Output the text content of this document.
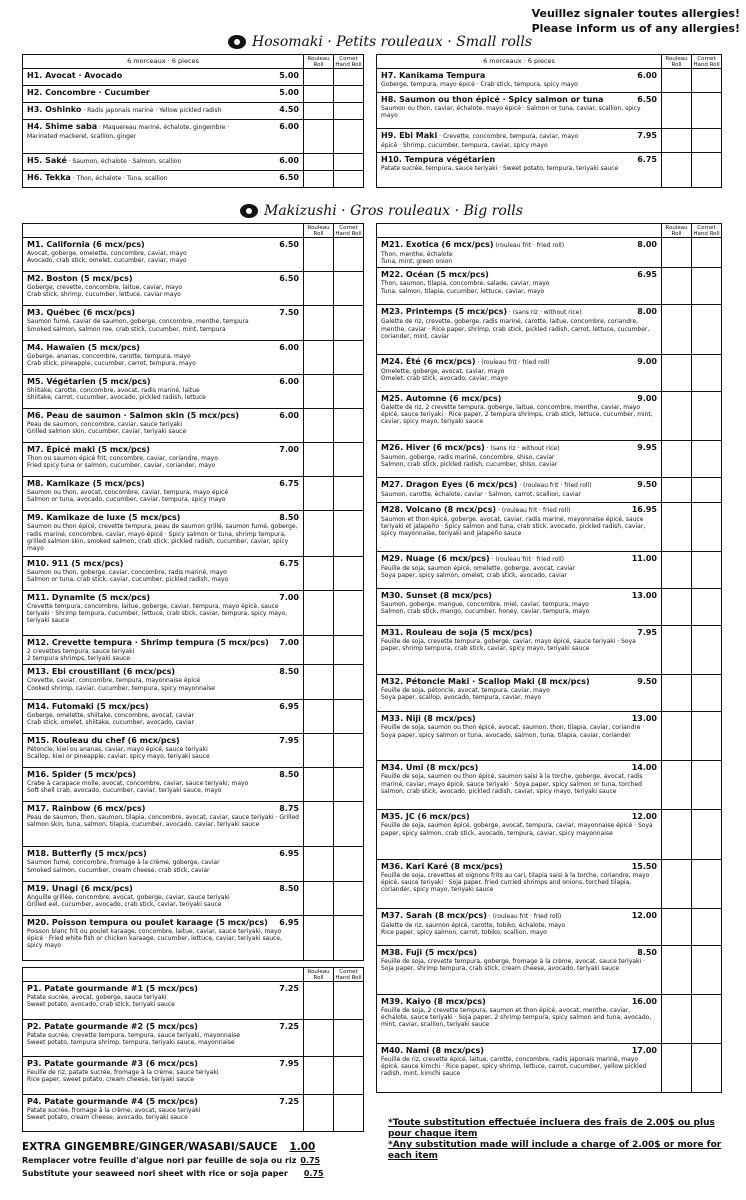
Veuillez signaler toutes allergies!
Please inform us of any allergies!
Hosomaki · Petits rouleaux · Small rolls
6 morceaux · 6 pieces	Rouleau Roll
Cornet Hand Roll
H1. Avocat · Avocado	5.00
H2. Concombre · Cucumber	5.00
H3. Oshinko · Radis japonais mariné · Yellow pickled radish	4.50
H4. Shime saba · Maquereau mariné, échalote, gingembre ·	6.00
Marinated mackerel, scallion, ginger
H5. Saké · Saumon, échalote · Salmon, scallion	6.00
H6. Tekka · Thon, échalote · Tuna, scallion	6.50
6 morceaux · 6 pieces	Rouleau Roll
Cornet Hand Roll
H7. Kanikama Tempura	6.00
Goberge, tempura, mayo épicé · Crab stick, tempura, spicy mayo
H8. Saumon ou thon épicé · Spicy salmon or tuna	6.50
Saumon ou thon, caviar, échalote, mayo épicé · Salmon or tuna, caviar, scallion, spicy mayo
H9. Ebi Maki · Crevette, concombre, tempura, caviar, mayo	7.95
épicé · Shrimp, cucumber, tempura, caviar, spicy mayo
H10. Tempura végétarien	6.75
Patate sucrée, tempura, sauce teriyaki · Sweet potato, tempura, teriyaki sauce
Makizushi · Gros rouleaux · Big rolls
Rouleau Roll
Cornet Hand Roll
M1. California (6 mcx/pcs)	6.50
Avocat, goberge, omelette, concombre, caviar, mayo
Avocado, crab stick, omelet, cucumber, caviar, mayo
M2. Boston (5 mcx/pcs)	6.50
Goberge, crevette, concombre, laitue, caviar, mayo
Crab stick, shrimp, cucumber, lettuce, caviar mayo
M3. Québec (6 mcx/pcs)	7.50
Saumon fumé, caviar de saumon, goberge, concombre, menthe, tempura
Smoked salmon, salmon roe, crab stick, cucumber, mint, tempura
M4. Hawaïen (5 mcx/pcs)	6.00
Goberge, ananas, concombre, carotte, tempura, mayo
Crab stick, pineapple, cucumber, carrot, tempura, mayo
M5. Végétarien (5 mcx/pcs)	6.00
Shiitake, carotte, concombre, avocat, radis mariné, laitue
Shiitake, carrot, cucumber, avocado, pickled radish, lettuce
M6. Peau de saumon · Salmon skin (5 mcx/pcs)	6.00
Peau de saumon, concombre, caviar, sauce teriyaki
Grilled salmon skin, cucumber, caviar, teriyaki sauce
M7. Épicé maki (5 mcx/pcs)	7.00
Thon ou saumon épicé frit, concombre, caviar, coriandre, mayo
Fried spicy tuna or salmon, cucumber, caviar, coriander, mayo
M8. Kamikaze (5 mcx/pcs)	6.75
Saumon ou thon, avocat, concombre, caviar, tempura, mayo épicé
Salmon or tuna, avocado, cucumber, caviar, tempura, spicy mayo
M9. Kamikaze de luxe (5 mcx/pcs)	8.50
Saumon ou thon épicé, crevette tempura, peau de saumon grillé, saumon fumé, goberge, radis mariné, concombre, caviar, mayo épicé · Spicy salmon or tuna, shrimp tempura, grilled salmon skin, smoked salmon, crab stick, pickled radish, cucumber, caviar, spicy mayo
M10. 911 (5 mcx/pcs)	6.75
Saumon ou thon, goberge, caviar, concombre, radis mariné, mayo
Salmon or tuna, crab stick, caviar, cucumber, pickled radish, mayo
M11. Dynamite (5 mcx/pcs)	7.00
Crevette tempura, concombre, laitue, goberge, caviar, tempura, mayo épicé, sauce teriyaki · Shrimp tempura, cucumber, lettuce, crab stick, caviar, tempura, spicy mayo, teriyaki sauce
M12. Crevette tempura · Shrimp tempura (5 mcx/pcs) 7.00
2 crevettes tempura, sauce teriyaki
2 tempura shrimps, teriyaki sauce
M13. Ebi croustillant (6 mcx/pcs)	8.50
Crevette, caviar, concombre, tempura, mayonnaise épicé
Cooked shrimp, caviar, cucumber, tempura, spicy mayonnaise
M14. Futomaki (5 mcx/pcs)	6.95
Goberge, omelette, shiitake, concombre, avocat, caviar
Crab stick, omelet, shiitake, cucumber, avocado, caviar
M15. Rouleau du chef (6 mcx/pcs)	7.95
Pétoncle, kiwi ou ananas, caviar, mayo épicé, sauce teriyaki
Scallop, kiwi or pineapple, caviar, spicy mayo, teriyaki sauce
M16. Spider (5 mcx/pcs)	8.50
Crabe à carapace molle, avocat, concombre, caviar, sauce teriyaki, mayo
Soft shell crab, avocado, cucumber, caviar, teriyaki sauce, mayo
M17. Rainbow (6 mcx/pcs)	8.75
Peau de saumon, thon, saumon, tilapia, concombre, avocat, caviar, sauce teriyaki · Grilled salmon skin, tuna, salmon, tilapia, cucumber, avocado, caviar, teriyaki sauce
M18. Butterfly (5 mcx/pcs)	6.95
Saumon fumé, concombre, fromage à la crème, goberge, caviar
Smoked salmon, cucumber, cream cheese, crab stick, caviar
M19. Unagi (6 mcx/pcs)	8.50
Anguille grillée, concombre, avocat, goberge, caviar, sauce teriyaki
Grilled eel, cucumber, avocado, crab stick, caviar, teriyaki sauce
M20. Poisson tempura ou poulet karaage (5 mcx/pcs) 6.95
Poisson blanc frit ou poulet karaage, concombre, laitue, caviar, sauce teriyaki, mayo épicé · Fried white fish or chicken karaage, cucumber, lettuce, caviar, teriyaki sauce, spicy mayo
Rouleau Roll
Cornet Hand Roll
M21. Exotica (6 mcx/pcs) (rouleau frit · fried roll)	8.00
Thon, menthe, échalote
Tuna, mint, green onion
M22. Océan (5 mcx/pcs)	6.95
Thon, saumon, tilapia, concombre, salade, caviar, mayo
Tuna, salmon, tilapia, cucumber, lettuce, caviar, mayo
M23. Printemps (5 mcx/pcs) · (sans riz · without rice)	8.00
Galette de riz, crevette, goberge, radis mariné, carotte, laitue, concombre, coriandre, menthe, caviar · Rice paper, shrimp, crab stick, pickled radish, carrot, lettuce, cucumber, coriander, mint, caviar
M24. Été (6 mcx/pcs) · (rouleau frit · fried roll)	9.00
Omelette, goberge, avocat, caviar, mayo
Omelet, crab stick, avocado, caviar, mayo
M25. Automne (6 mcx/pcs)	9.00
Galette de riz, 2 crevette tempura, goberge, laitue, concombre, menthe, caviar, mayo épicé, sauce teriyaki · Rice paper, 2 tempura shrimps, crab stick, lettuce, cucumber, mint, caviar, spicy mayo, teriyaki sauce
M26. Hiver (6 mcx/pcs) · (sans riz · without rice)	9.95
Saumon, goberge, radis mariné, concombre, shiso, caviar
Salmon, crab stick, pickled radish, cucumber, shiso, caviar
M27. Dragon Eyes (6 mcx/pcs) · (rouleau frit · fried roll)	9.50
Saumon, carotte, échalote, caviar · Salmon, carrot, scallion, caviar
M28. Volcano (8 mcx/pcs) · (rouleau frit · fried roll)	16.95
Saumon et thon épicé, goberge, avocat, caviar, radis mariné, mayonnaise épicé, sauce teriyaki et jalapeño · Spicy salmon and tuna, crab stick, avocado, pickled radish, caviar, spicy mayonnaise, teriyaki and jalapeño sauce
M29. Nuage (6 mcx/pcs) · (rouleau frit · fried roll)	11.00
Feuille de soja, saumon épicé, omelette, goberge, avocat, caviar
Soya paper, spicy salmon, omelet, crab stick, avocado, caviar
M30. Sunset (8 mcx/pcs)	13.00
Saumon, goberge, mangue, concombre, miel, caviar, tempura, mayo
Salmon, crab stick, mango, cucumber, honey, caviar, tempura, mayo
M31. Rouleau de soja (5 mcx/pcs)	7.95
Feuille de soja, crevette tempura, goberge, caviar, mayo épicé, sauce teriyaki · Soya paper, shrimp tempura, crab stick, caviar, spicy mayo, teriyaki sauce
M32. Pétoncle Maki · Scallop Maki (8 mcx/pcs)	9.50
Feuille de soja, pétoncle, avocat, tempura, caviar, mayo
Soya paper, scallop, avocado, tempura, caviar, mayo
M33. Niji (8 mcx/pcs)	13.00
Feuille de soja, saumon ou thon épicé, avocat, saumon, thon, tilapia, caviar, coriandre · Soya paper, spicy salmon or tuna, avocado, salmon, tuna, tilapia, caviar, coriander
M34. Umi (8 mcx/pcs)	14.00
Feuille de soja, saumon ou thon épicé, saumon saisi à la torche, goberge, avocat, radis mariné, caviar, mayo épicé, sauce teriyaki · Soya paper, spicy salmon or tuna, torched salmon, crab stick, avocado, pickled radish, caviar, spicy mayo, teriyaki sauce
M35. JC (6 mcx/pcs)	12.00
Feuille de soja, saumon épicé, goberge, avocat, tempura, caviar, mayonnaise épicé · Soya paper, spicy salmon, crab stick, avocado, tempura, caviar, spicy mayonnaise
M36. Kari Karé (8 mcx/pcs)	15.50
Feuille de soja, crevettes et oignons frits au cari, tilapia saisi à la torche, coriandre, mayo épicé, sauce teriyaki · Soja paper, fried curried shrimps and onions, torched tilapia, coriander, spicy mayo, teriyaki sauce
M37. Sarah (8 mcx/pcs) · (rouleau frit · fried roll)	12.00
Galette de riz, saumon épicé, carotte, tobiko, échalote, mayo
Rice paper, spicy salmon, carrot, tobiko, scallion, mayo
M38. Fuji (5 mcx/pcs)	8.50
Feuille de soja, crevette tempura, goberge, fromage à la crème, avocat, sauce teriyaki · Soja paper, shrimp tempura, crab stick, cream cheese, avocado, teriyaki sauce
M39. Kaiyo (8 mcx/pcs)	16.00
Feuille de soja, 2 crevette tempura, saumon et thon épicé, avocat, menthe, caviar, échalote, sauce teriyaki · Soja paper, 2 shrimp tempura, spicy salmon and tuna, avocado, mint, caviar, scallion, teriyaki sauce
M40. Nami (8 mcx/pcs)	17.00
Feuille de riz, crevette épicé, laitue, carotte, concombre, radis japonais mariné, mayo épicé, sauce kimchi · Rice paper, spicy shrimp, lettuce, carrot, cucumber, yellow pickled radish, mint, kimchi sauce
Rouleau Roll
Cornet Hand Roll
P1. Patate gourmande #1 (5 mcx/pcs)	7.25
Patate sucrée, avocat, goberge, sauce teriyaki
Sweet potato, avocado, crab stick, teriyaki sauce
P2. Patate gourmande #2 (5 mcx/pcs)	7.25
Patate sucrée, crevette tempura, tempura, sauce teriyaki, mayonnaise
Sweet potato, tempura shrimp, tempura, teriyaki sauce, mayonnaise
P3. Patate gourmande #3 (6 mcx/pcs)	7.95
Feuille de riz, patate sucrée, fromage à la crème, sauce teriyaki
Rice paper, sweet potato, cream cheese, teriyaki sauce
P4. Patate gourmande #4 (5 mcx/pcs)	7.25
Patate sucrée, fromage à la crème, avocat, sauce teriyaki
Sweet potato, cream cheese, avocado, teriyaki sauce
EXTRA GINGEMBRE/GINGER/WASABI/SAUCE 1.00
Remplacer votre feuille d'algue nori par feuille de soja ou riz 0.75
Substitute your seaweed nori sheet with rice or soja paper 0.75
*Toute substitution effectuée incluera des frais de 2.00$ ou plus pour chaque item
*Any substitution made will include a charge of 2.00$ or more for each item
